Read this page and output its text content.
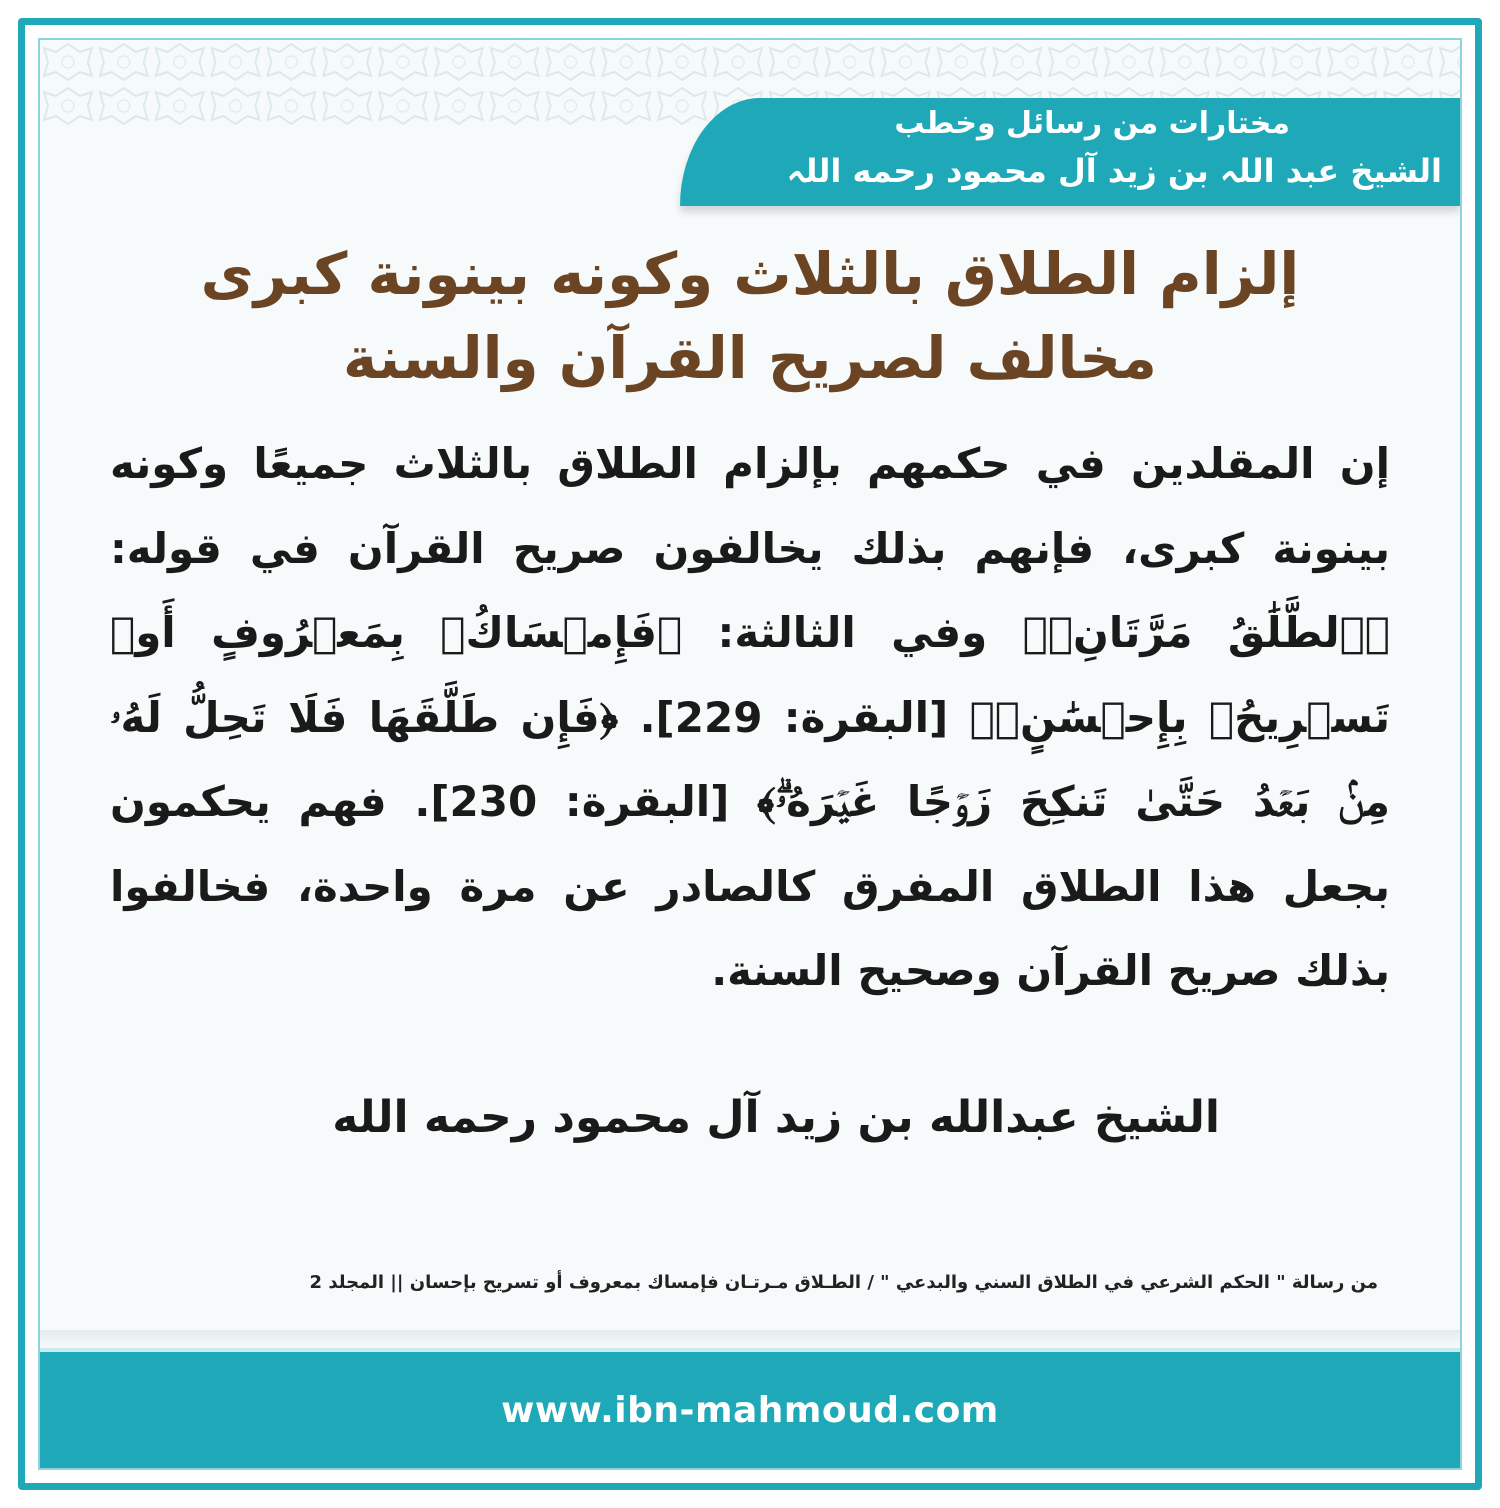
مختارات من رسائل وخطب
الشيخ عبد اللہ بن زيد آل محمود رحمه اللہ
إلزام الطلاق بالثلاث وكونه بينونة كبرى
مخالف لصريح القرآن والسنة
إن المقلدين في حكمهم بإلزام الطلاق بالثلاث جميعًا وكونه بينونة كبرى، فإنهم بذلك يخالفون صريح القرآن في قوله: ﴿ٱلطَّلَٰقُ مَرَّتَانِۖ﴾ وفي الثالثة: ﴿فَإِمۡسَاكُۢ بِمَعۡرُوفٍ أَوۡ تَسۡرِيحُۢ بِإِحۡسَٰنٍۗ﴾ [البقرة: 229]. ﴿فَإِن طَلَّقَهَا فَلَا تَحِلُّ لَهُۥ مِنۢ بَعۡدُ حَتَّىٰ تَنكِحَ زَوۡجًا غَيۡرَهُۥۗ﴾ [البقرة: 230]. فهم يحكمون بجعل هذا الطلاق المفرق كالصادر عن مرة واحدة، فخالفوا بذلك صريح القرآن وصحيح السنة.
الشيخ عبدالله بن زيد آل محمود رحمه الله
من رسالة " الحكم الشرعي في الطلاق السني والبدعي " / الطـلاق مـرتـان فإمساك بمعروف أو تسريح بإحسان || المجلد 2
www.ibn-mahmoud.com
